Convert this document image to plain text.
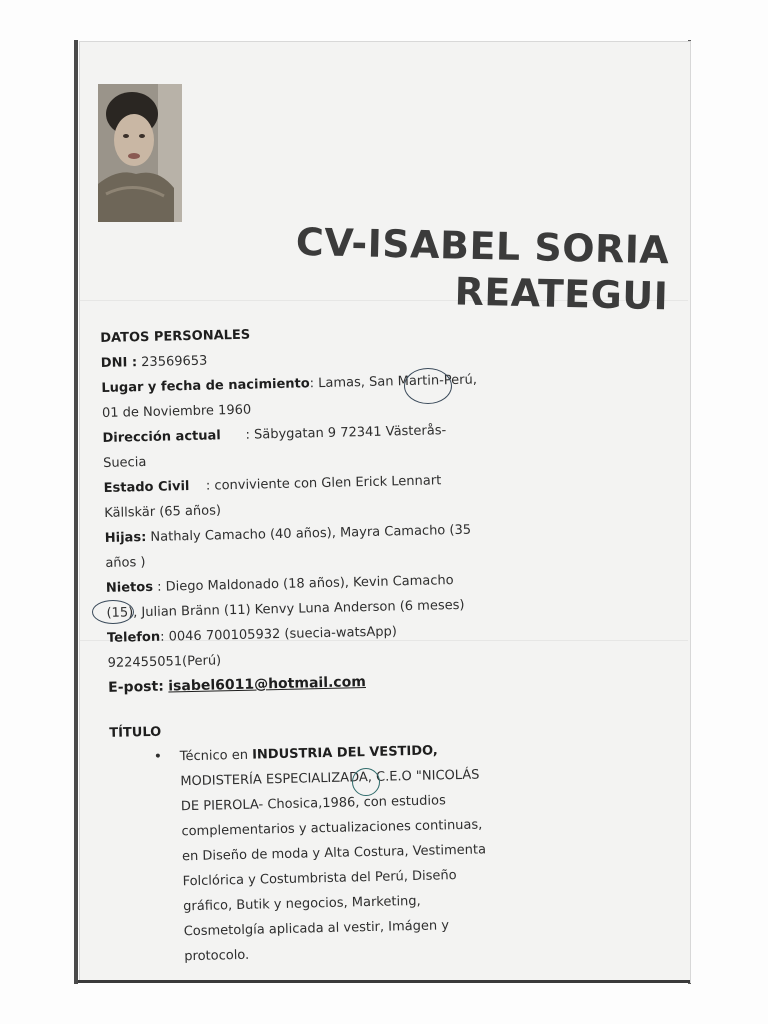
CV-ISABEL SORIA
REATEGUI
DATOS PERSONALES
DNI : 23569653
Lugar y fecha de nacimiento: Lamas, San Martin-Perú,
01 de Noviembre 1960
Dirección actual      : Säbygatan 9 72341 Västerås-
Suecia
Estado Civil    : conviviente con Glen Erick Lennart
Källskär (65 años)
Hijas: Nathaly Camacho (40 años), Mayra Camacho (35
años )
Nietos : Diego Maldonado (18 años), Kevin Camacho
(15), Julian Bränn (11) Kenvy Luna Anderson (6 meses)
Telefon: 0046 700105932 (suecia-watsApp)
922455051(Perú)
E-post: isabel6011@hotmail.com
TÍTULO
• Técnico en INDUSTRIA DEL VESTIDO,
MODISTERÍA ESPECIALIZADA, C.E.O "NICOLÁS
DE PIEROLA- Chosica,1986, con estudios
complementarios y actualizaciones continuas,
en Diseño de moda y Alta Costura, Vestimenta
Folclórica y Costumbrista del Perú, Diseño
gráfico, Butik y negocios, Marketing,
Cosmetolgía aplicada al vestir, Imágen y
protocolo.
